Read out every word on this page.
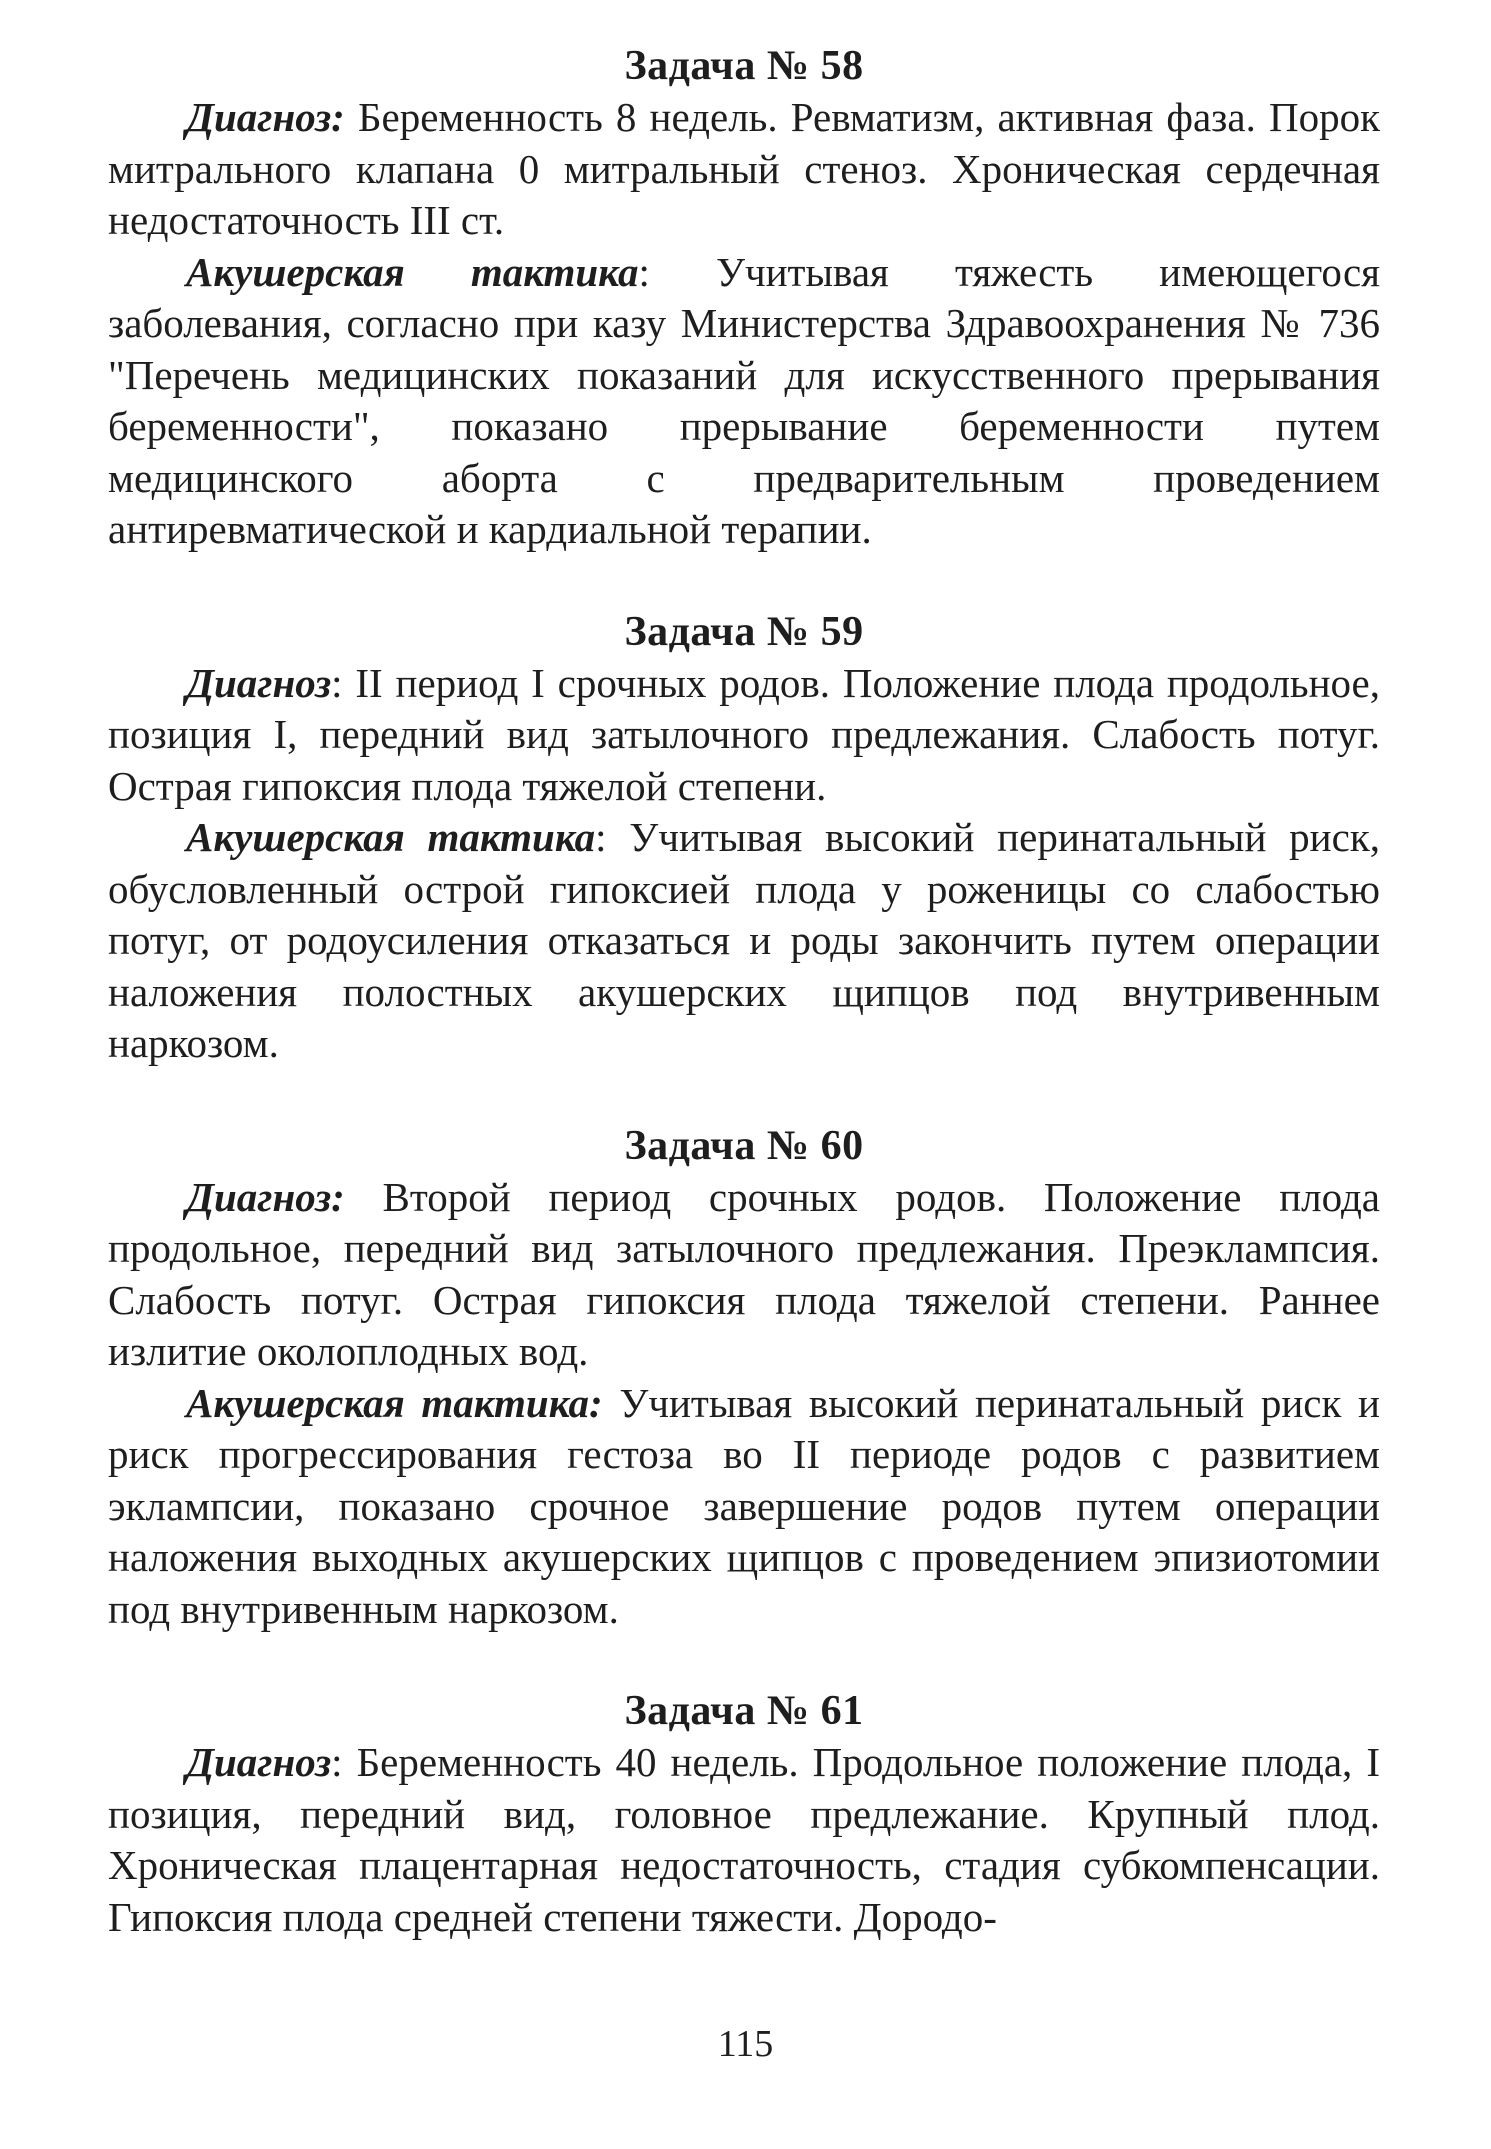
Задача № 58

Диагноз: Беременность 8 недель. Ревматизм, активная фаза. Порок митрального клапана 0 митральный стеноз. Хроническая сердечная недостаточность III ст.

Акушерская тактика: Учитывая тяжесть имеющегося заболевания, согласно при казу Министерства Здравоохранения № 736 "Перечень медицинских показаний для искусственного прерывания беременности", показано прерывание беременности путем медицинского аборта с предварительным проведением антиревматической и кардиальной терапии.

Задача № 59

Диагноз: II период I срочных родов. Положение плода продольное, позиция I, передний вид затылочного предлежания. Слабость потуг. Острая гипоксия плода тяжелой степени.

Акушерская тактика: Учитывая высокий перинатальный риск, обусловленный острой гипоксией плода у роженицы со слабостью потуг, от родоусиления отказаться и роды закончить путем операции наложения полостных акушерских щипцов под внутривенным наркозом.

Задача № 60

Диагноз: Второй период срочных родов. Положение плода продольное, передний вид затылочного предлежания. Преэклампсия. Слабость потуг. Острая гипоксия плода тяжелой степени. Раннее излитие околоплодных вод.

Акушерская тактика: Учитывая высокий перинатальный риск и риск прогрессирования гестоза во II периоде родов с развитием эклампсии, показано срочное завершение родов путем операции наложения выходных акушерских щипцов с проведением эпизиотомии под внутривенным наркозом.

Задача № 61

Диагноз: Беременность 40 недель. Продольное положение плода, I позиция, передний вид, головное предлежание. Крупный плод. Хроническая плацентарная недостаточность, стадия субкомпенсации. Гипоксия плода средней степени тяжести. Дородо-

115
